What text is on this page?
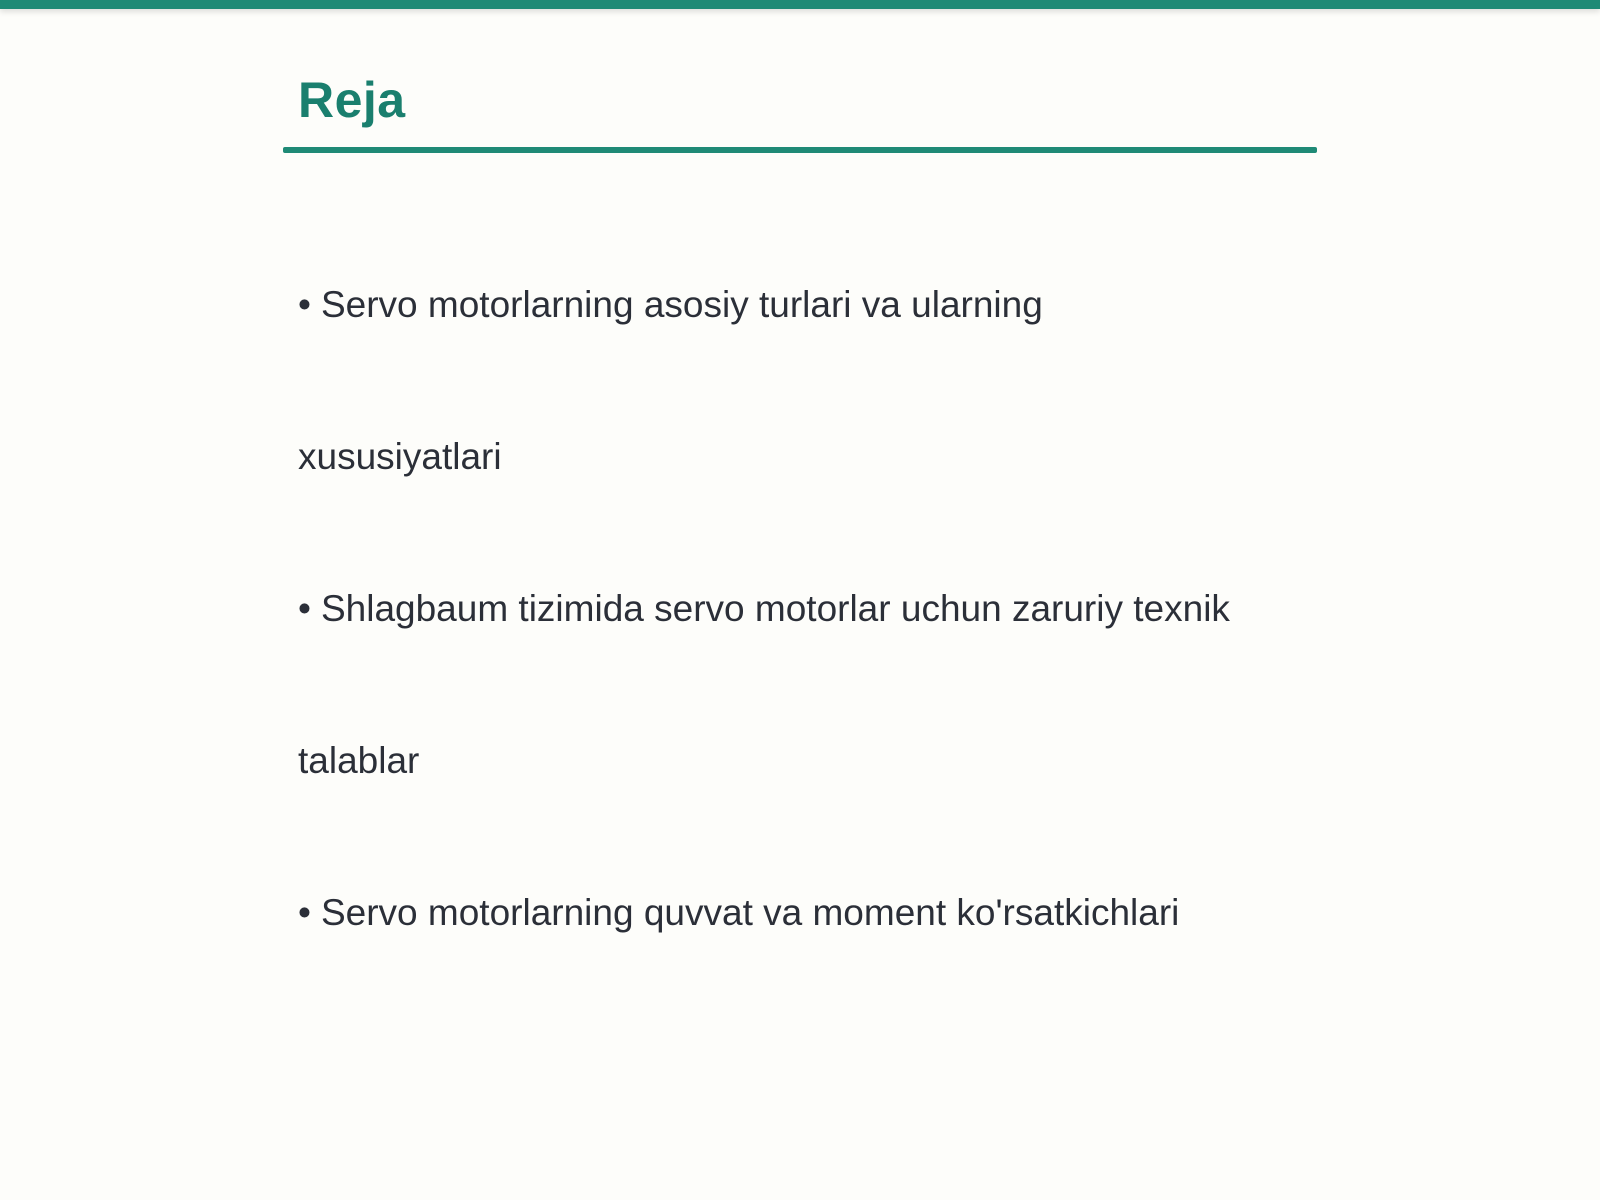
Reja

• Servo motorlarning asosiy turlari va ularning

xususiyatlari

• Shlagbaum tizimida servo motorlar uchun zaruriy texnik

talablar

• Servo motorlarning quvvat va moment ko'rsatkichlari
